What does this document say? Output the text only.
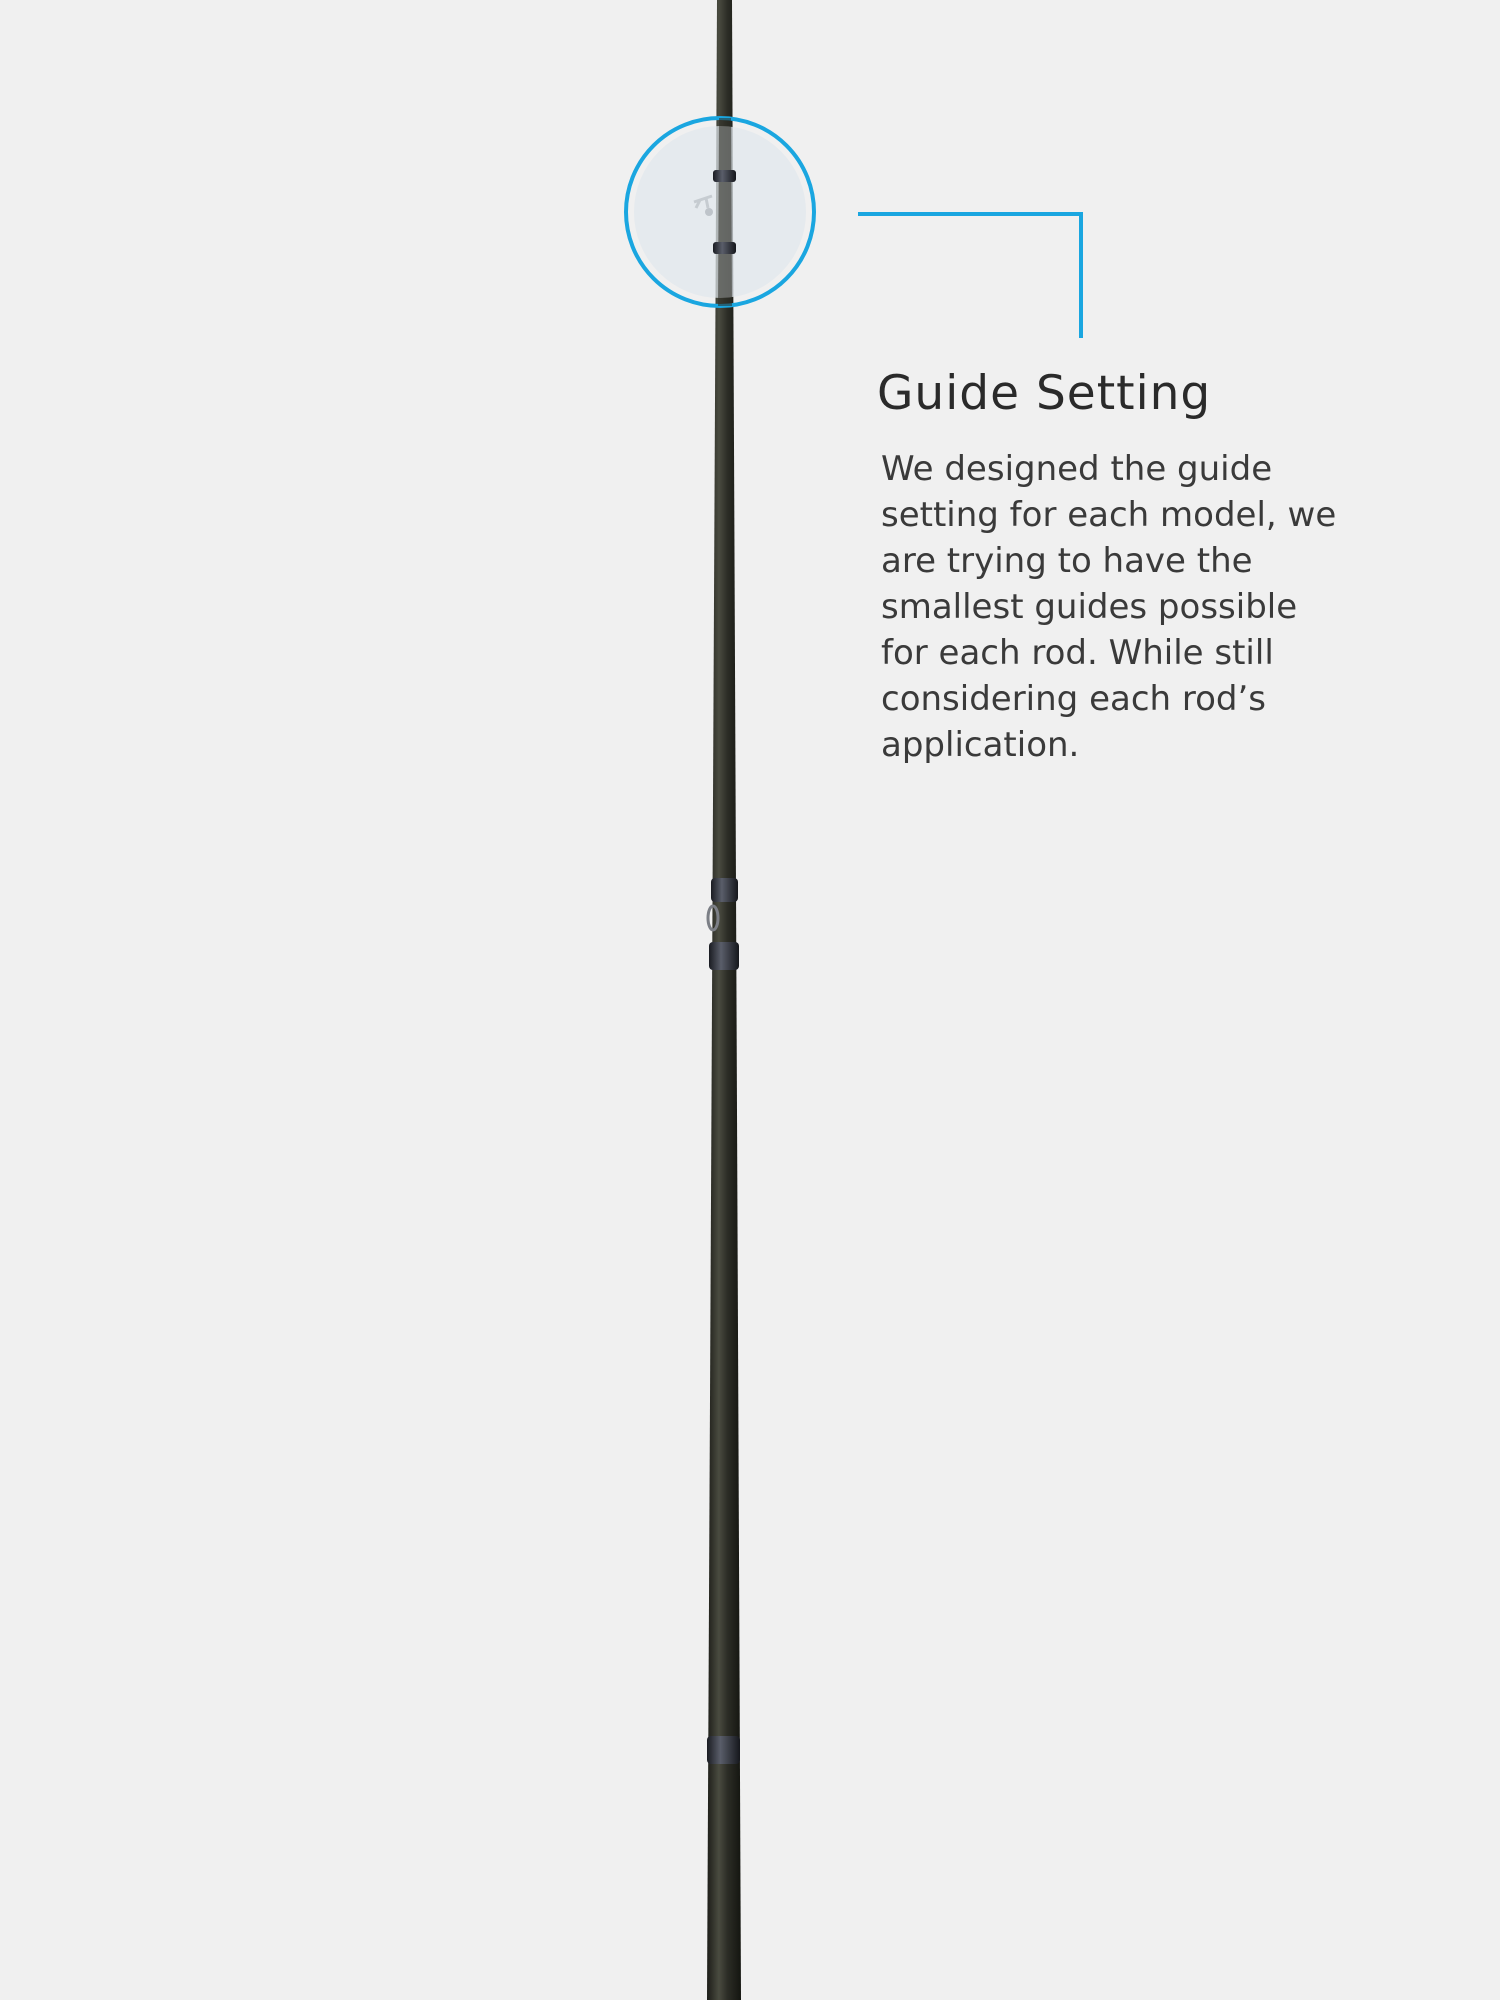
Guide Setting

We designed the guide setting for each model, we are trying to have the smallest guides possible for each rod. While still considering each rod’s application.
